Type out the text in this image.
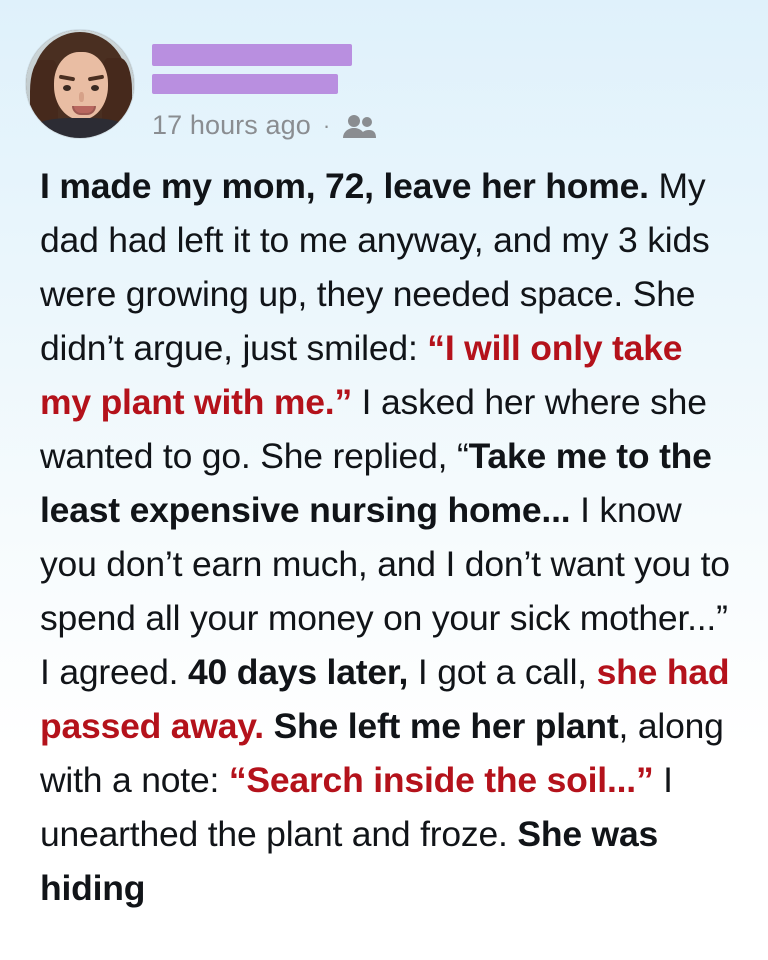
17 hours ago ·
I made my mom, 72, leave her home. My dad had left it to me anyway, and my 3 kids were growing up, they needed space. She didn’t argue, just smiled: “I will only take my plant with me.” I asked her where she wanted to go. She replied, “Take me to the least expensive nursing home... I know you don’t earn much, and I don’t want you to spend all your money on your sick mother...” I agreed. 40 days later, I got a call, she had passed away. She left me her plant, along with a note: “Search inside the soil...” I unearthed the plant and froze. She was hiding
